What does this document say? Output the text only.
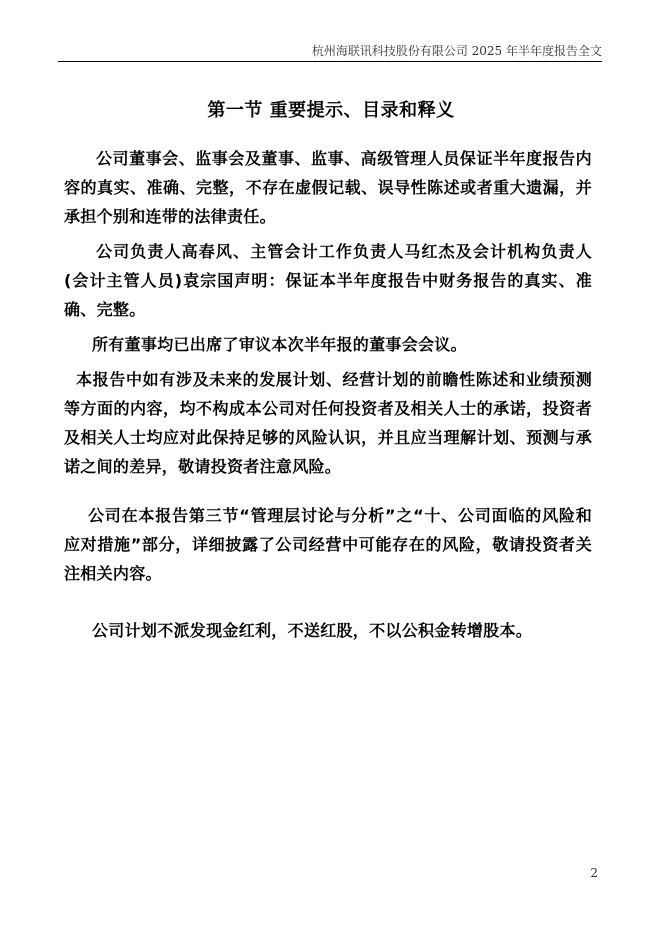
杭州海联讯科技股份有限公司 2025 年半年度报告全文
第一节 重要提示、目录和释义

公司董事会、监事会及董事、监事、高级管理人员保证半年度报告内容的真实、准确、完整，不存在虚假记载、误导性陈述或者重大遗漏，并承担个别和连带的法律责任。

公司负责人高春风、主管会计工作负责人马红杰及会计机构负责人(会计主管人员)袁宗国声明：保证本半年度报告中财务报告的真实、准确、完整。

所有董事均已出席了审议本次半年报的董事会会议。

本报告中如有涉及未来的发展计划、经营计划的前瞻性陈述和业绩预测等方面的内容，均不构成本公司对任何投资者及相关人士的承诺，投资者及相关人士均应对此保持足够的风险认识，并且应当理解计划、预测与承诺之间的差异，敬请投资者注意风险。

公司在本报告第三节“管理层讨论与分析”之“十、公司面临的风险和应对措施”部分，详细披露了公司经营中可能存在的风险，敬请投资者关注相关内容。

公司计划不派发现金红利，不送红股，不以公积金转增股本。

2
